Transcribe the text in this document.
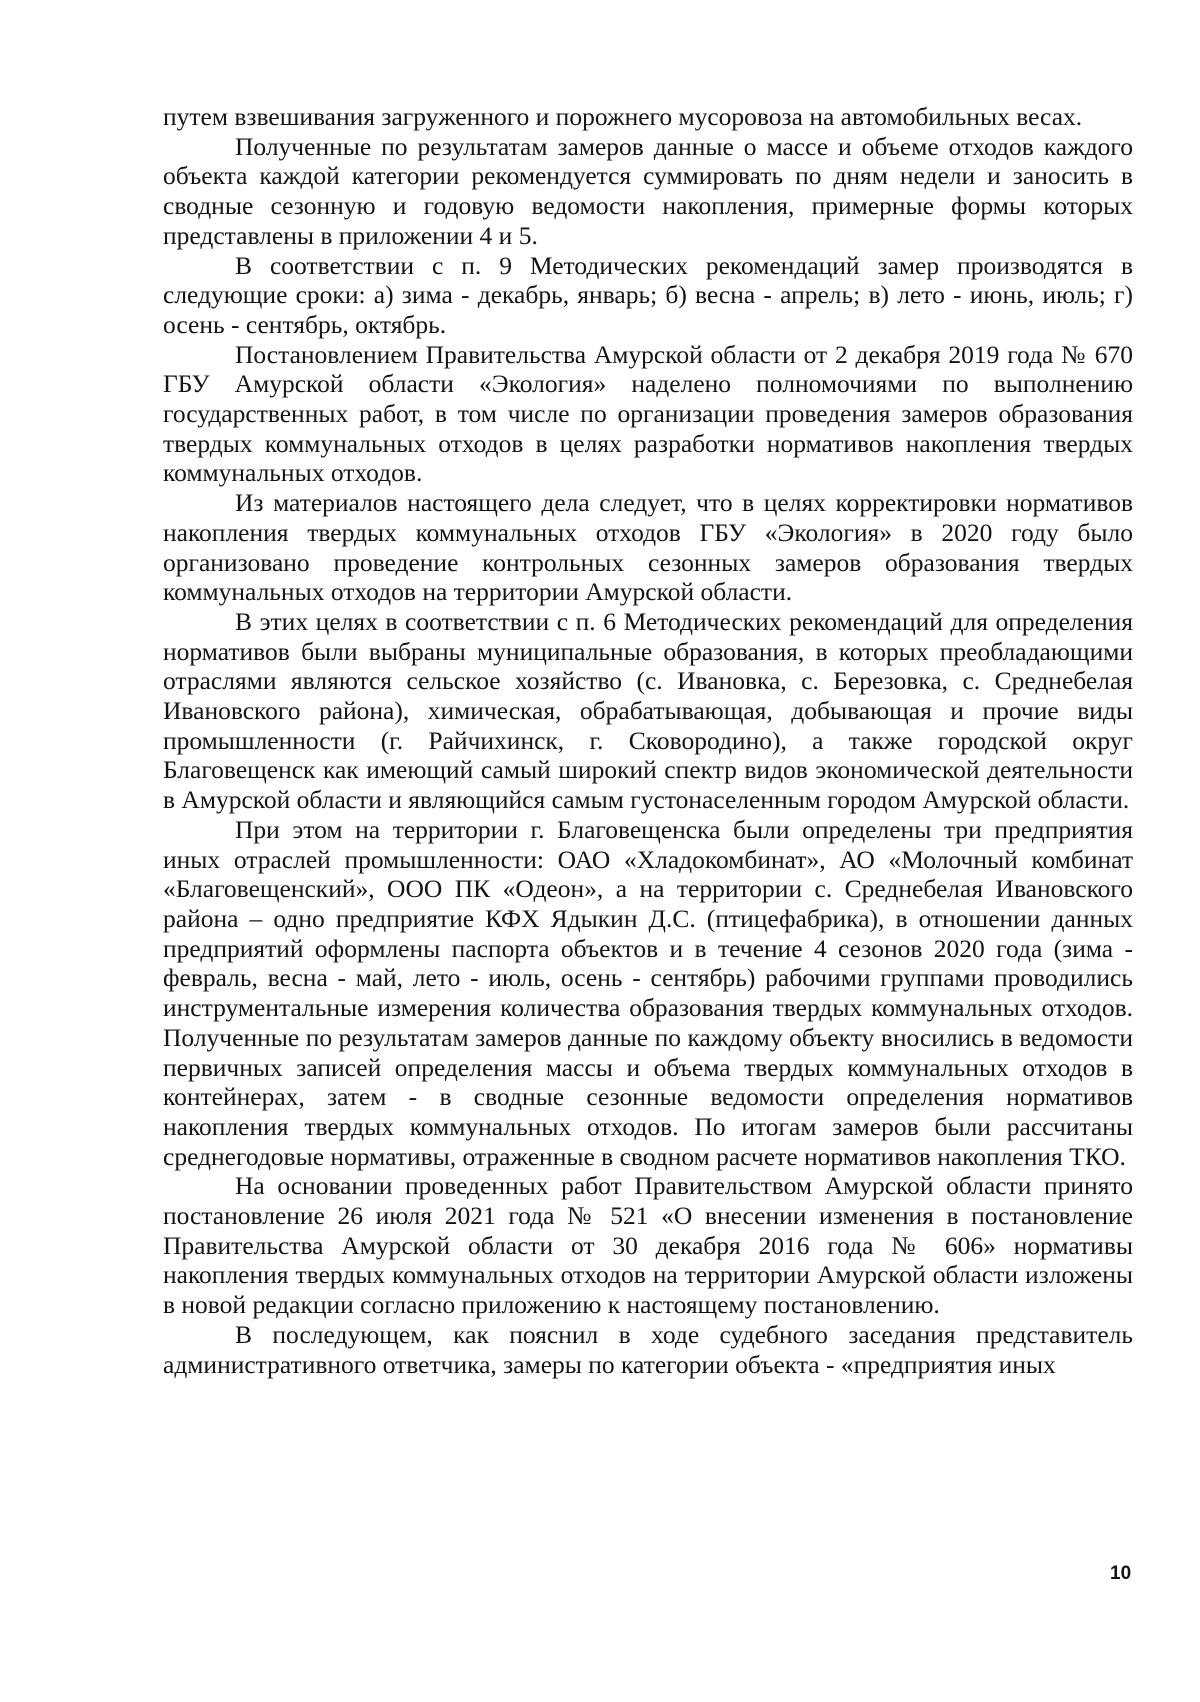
путем взвешивания загруженного и порожнего мусоровоза на автомобильных весах.

Полученные по результатам замеров данные о массе и объеме отходов каждого объекта каждой категории рекомендуется суммировать по дням недели и заносить в сводные сезонную и годовую ведомости накопления, примерные формы которых представлены в приложении 4 и 5.

В соответствии с п. 9 Методических рекомендаций замер производятся в следующие сроки: а) зима - декабрь, январь; б) весна - апрель; в) лето - июнь, июль; г) осень - сентябрь, октябрь.

Постановлением Правительства Амурской области от 2 декабря 2019 года № 670 ГБУ Амурской области «Экология» наделено полномочиями по выполнению государственных работ, в том числе по организации проведения замеров образования твердых коммунальных отходов в целях разработки нормативов накопления твердых коммунальных отходов.

Из материалов настоящего дела следует, что в целях корректировки нормативов накопления твердых коммунальных отходов ГБУ «Экология» в 2020 году было организовано проведение контрольных сезонных замеров образования твердых коммунальных отходов на территории Амурской области.

В этих целях в соответствии с п. 6 Методических рекомендаций для определения нормативов были выбраны муниципальные образования, в которых преобладающими отраслями являются сельское хозяйство (с. Ивановка, с. Березовка, с. Среднебелая Ивановского района), химическая, обрабатывающая, добывающая и прочие виды промышленности (г. Райчихинск, г. Сковородино), а также городской округ Благовещенск как имеющий самый широкий спектр видов экономической деятельности в Амурской области и являющийся самым густонаселенным городом Амурской области.

При этом на территории г. Благовещенска были определены три предприятия иных отраслей промышленности: ОАО «Хладокомбинат», АО «Молочный комбинат «Благовещенский», ООО ПК «Одеон», а на территории с. Среднебелая Ивановского района – одно предприятие КФХ Ядыкин Д.С. (птицефабрика), в отношении данных предприятий оформлены паспорта объектов и в течение 4 сезонов 2020 года (зима - февраль, весна - май, лето - июль, осень - сентябрь) рабочими группами проводились инструментальные измерения количества образования твердых коммунальных отходов. Полученные по результатам замеров данные по каждому объекту вносились в ведомости первичных записей определения массы и объема твердых коммунальных отходов в контейнерах, затем - в сводные сезонные ведомости определения нормативов накопления твердых коммунальных отходов. По итогам замеров были рассчитаны среднегодовые нормативы, отраженные в сводном расчете нормативов накопления ТКО.

На основании проведенных работ Правительством Амурской области принято постановление 26 июля 2021 года № 521 «О внесении изменения в постановление Правительства Амурской области от 30 декабря 2016 года № 606» нормативы накопления твердых коммунальных отходов на территории Амурской области изложены в новой редакции согласно приложению к настоящему постановлению.

В последующем, как пояснил в ходе судебного заседания представитель административного ответчика, замеры по категории объекта - «предприятия иных

10
